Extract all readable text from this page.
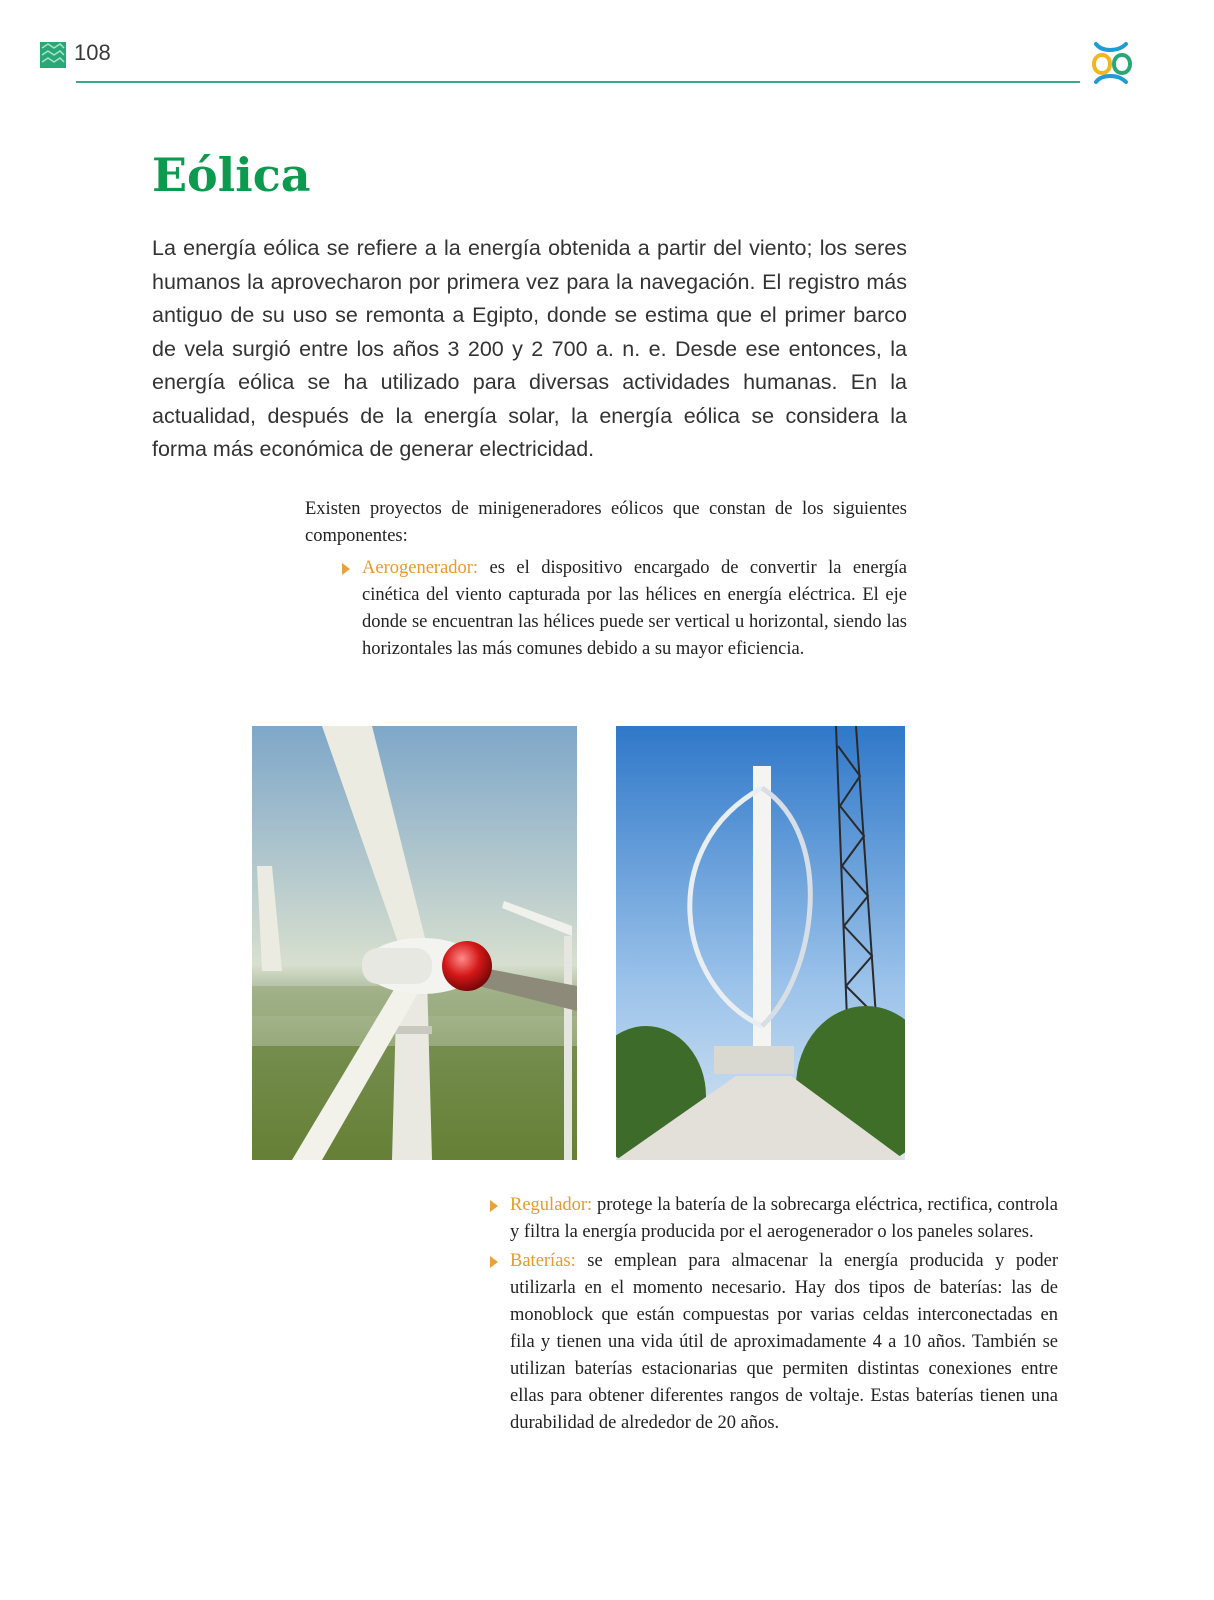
108
Eólica

La energía eólica se refiere a la energía obtenida a partir del viento; los seres humanos la aprovecharon por primera vez para la navegación. El registro más antiguo de su uso se remonta a Egipto, donde se estima que el primer barco de vela surgió entre los años 3 200 y 2 700 a. n. e. Desde ese entonces, la energía eólica se ha utilizado para diversas actividades humanas. En la actualidad, después de la energía solar, la energía eólica se considera la forma más económica de generar electricidad.

Existen proyectos de minigeneradores eólicos que constan de los siguientes componentes:

Aerogenerador: es el dispositivo encargado de convertir la energía cinética del viento capturada por las hélices en energía eléctrica. El eje donde se encuentran las hélices puede ser vertical u horizontal, siendo las horizontales las más comunes debido a su mayor eficiencia.
Regulador: protege la batería de la sobrecarga eléctrica, rectifica, controla y filtra la energía producida por el aerogenerador o los paneles solares.
Baterías: se emplean para almacenar la energía producida y poder utilizarla en el momento necesario. Hay dos tipos de baterías: las de monoblock que están compuestas por varias celdas interconectadas en fila y tienen una vida útil de aproximadamente 4 a 10 años. También se utilizan baterías estacionarias que permiten distintas conexiones entre ellas para obtener diferentes rangos de voltaje. Estas baterías tienen una durabilidad de alrededor de 20 años.
